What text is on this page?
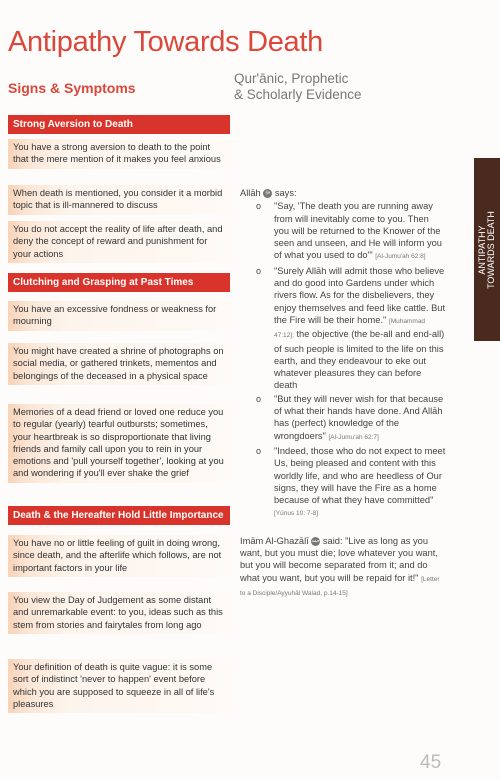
Antipathy Towards Death
Signs & Symptoms
Qur'ānic, Prophetic
& Scholarly Evidence
Strong Aversion to Death
You have a strong aversion to death to the point that the mere mention of it makes you feel anxious
When death is mentioned, you consider it a morbid topic that is ill-mannered to discuss
You do not accept the reality of life after death, and deny the concept of reward and punishment for your actions
Clutching and Grasping at Past Times
You have an excessive fondness or weakness for mourning
You might have created a shrine of photographs on social media, or gathered trinkets, mementos and belongings of the deceased in a physical space
Memories of a dead friend or loved one reduce you to regular (yearly) tearful outbursts; sometimes, your heartbreak is so disproportionate that living friends and family call upon you to rein in your emotions and 'pull yourself together', looking at you and wondering if you'll ever shake the grief
Death & the Hereafter Hold Little Importance
You have no or little feeling of guilt in doing wrong, since death, and the afterlife which follows, are not important factors in your life
You view the Day of Judgement as some distant and unremarkable event: to you, ideas such as this stem from stories and fairytales from long ago
Your definition of death is quite vague: it is some sort of indistinct 'never to happen' event before which you are supposed to squeeze in all of life's pleasures
Allāh ﷻ says:
o "Say, 'The death you are running away from will inevitably come to you. Then you will be returned to the Knower of the seen and unseen, and He will inform you of what you used to do'" [Al-Jumu'ah 62:8]
o "Surely Allāh will admit those who believe and do good into Gardens under which rivers flow. As for the disbelievers, they enjoy themselves and feed like cattle. But the Fire will be their home." [Muhammad 47:12]; the objective (the be-all and end-all) of such people is limited to the life on this earth, and they endeavour to eke out whatever pleasures they can before death
o "But they will never wish for that because of what their hands have done. And Allāh has (perfect) knowledge of the wrongdoers" [Al-Jumu'ah 62:7]
o "Indeed, those who do not expect to meet Us, being pleased and content with this worldly life, and who are heedless of Our signs, they will have the Fire as a home because of what they have committed" [Yūnus 10: 7-8]
Imām Al-Ghazālī رحمه said: "Live as long as you want, but you must die; love whatever you want, but you will become separated from it; and do what you want, but you will be repaid for it!" [Letter to a Disciple/Ayyuhāl Walad, p.14-15]
ANTIPATHY TOWARDS DEATH
45
